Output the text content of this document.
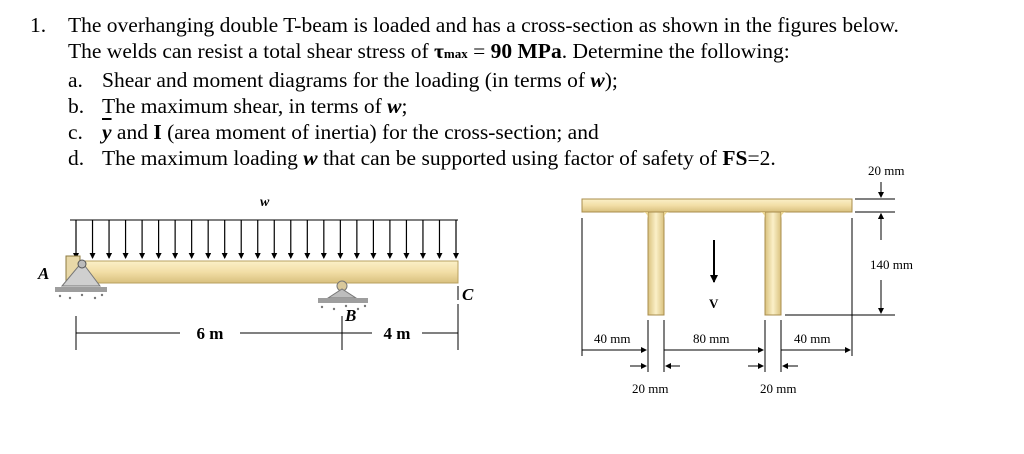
1. The overhanging double T-beam is loaded and has a cross-section as shown in the figures below.
The welds can resist a total shear stress of τmax = 90 MPa. Determine the following:
a. Shear and moment diagrams for the loading (in terms of w);
b. The maximum shear, in terms of w;
c. $\overline{y}$ and I (area moment of inertia) for the cross-section; and
d. The maximum loading w that can be supported using factor of safety of FS=2.
w
A
B
C
6 m	4 m
V
20 mm
140 mm
40 mm	80 mm	40 mm
20 mm	20 mm
